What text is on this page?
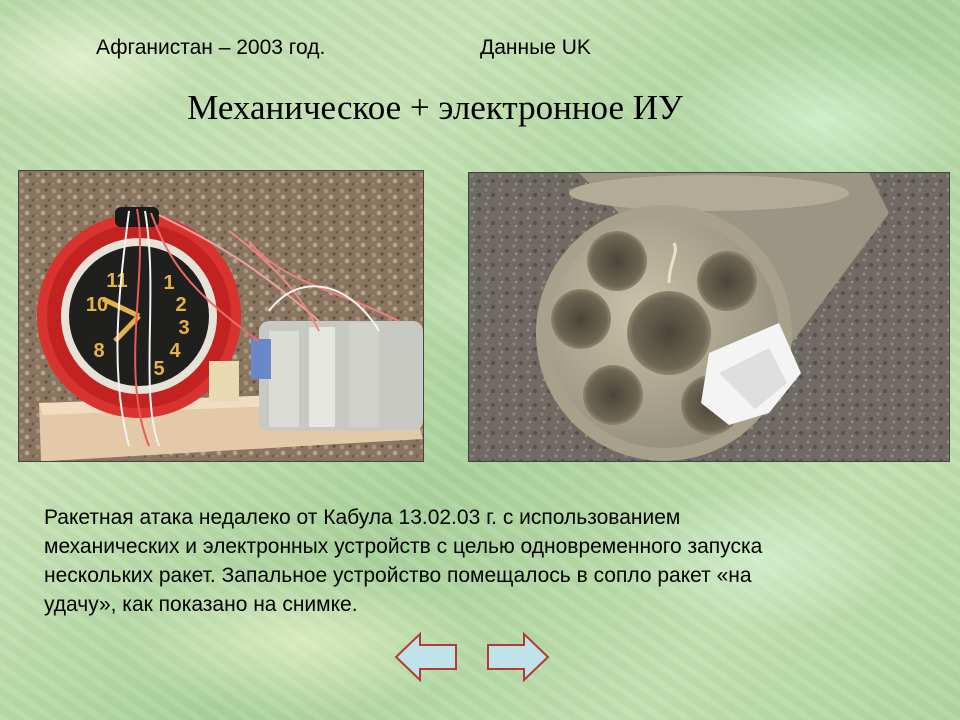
Афганистан – 2003 год.	Данные UK
Механическое + электронное ИУ
1
2
3
4
5
8
10
11

Ракетная атака недалеко от Кабула 13.02.03 г. с использованием

механических и электронных устройств с целью одновременного запуска

нескольких ракет. Запальное устройство помещалось в сопло ракет «на

удачу», как показано на снимке.
